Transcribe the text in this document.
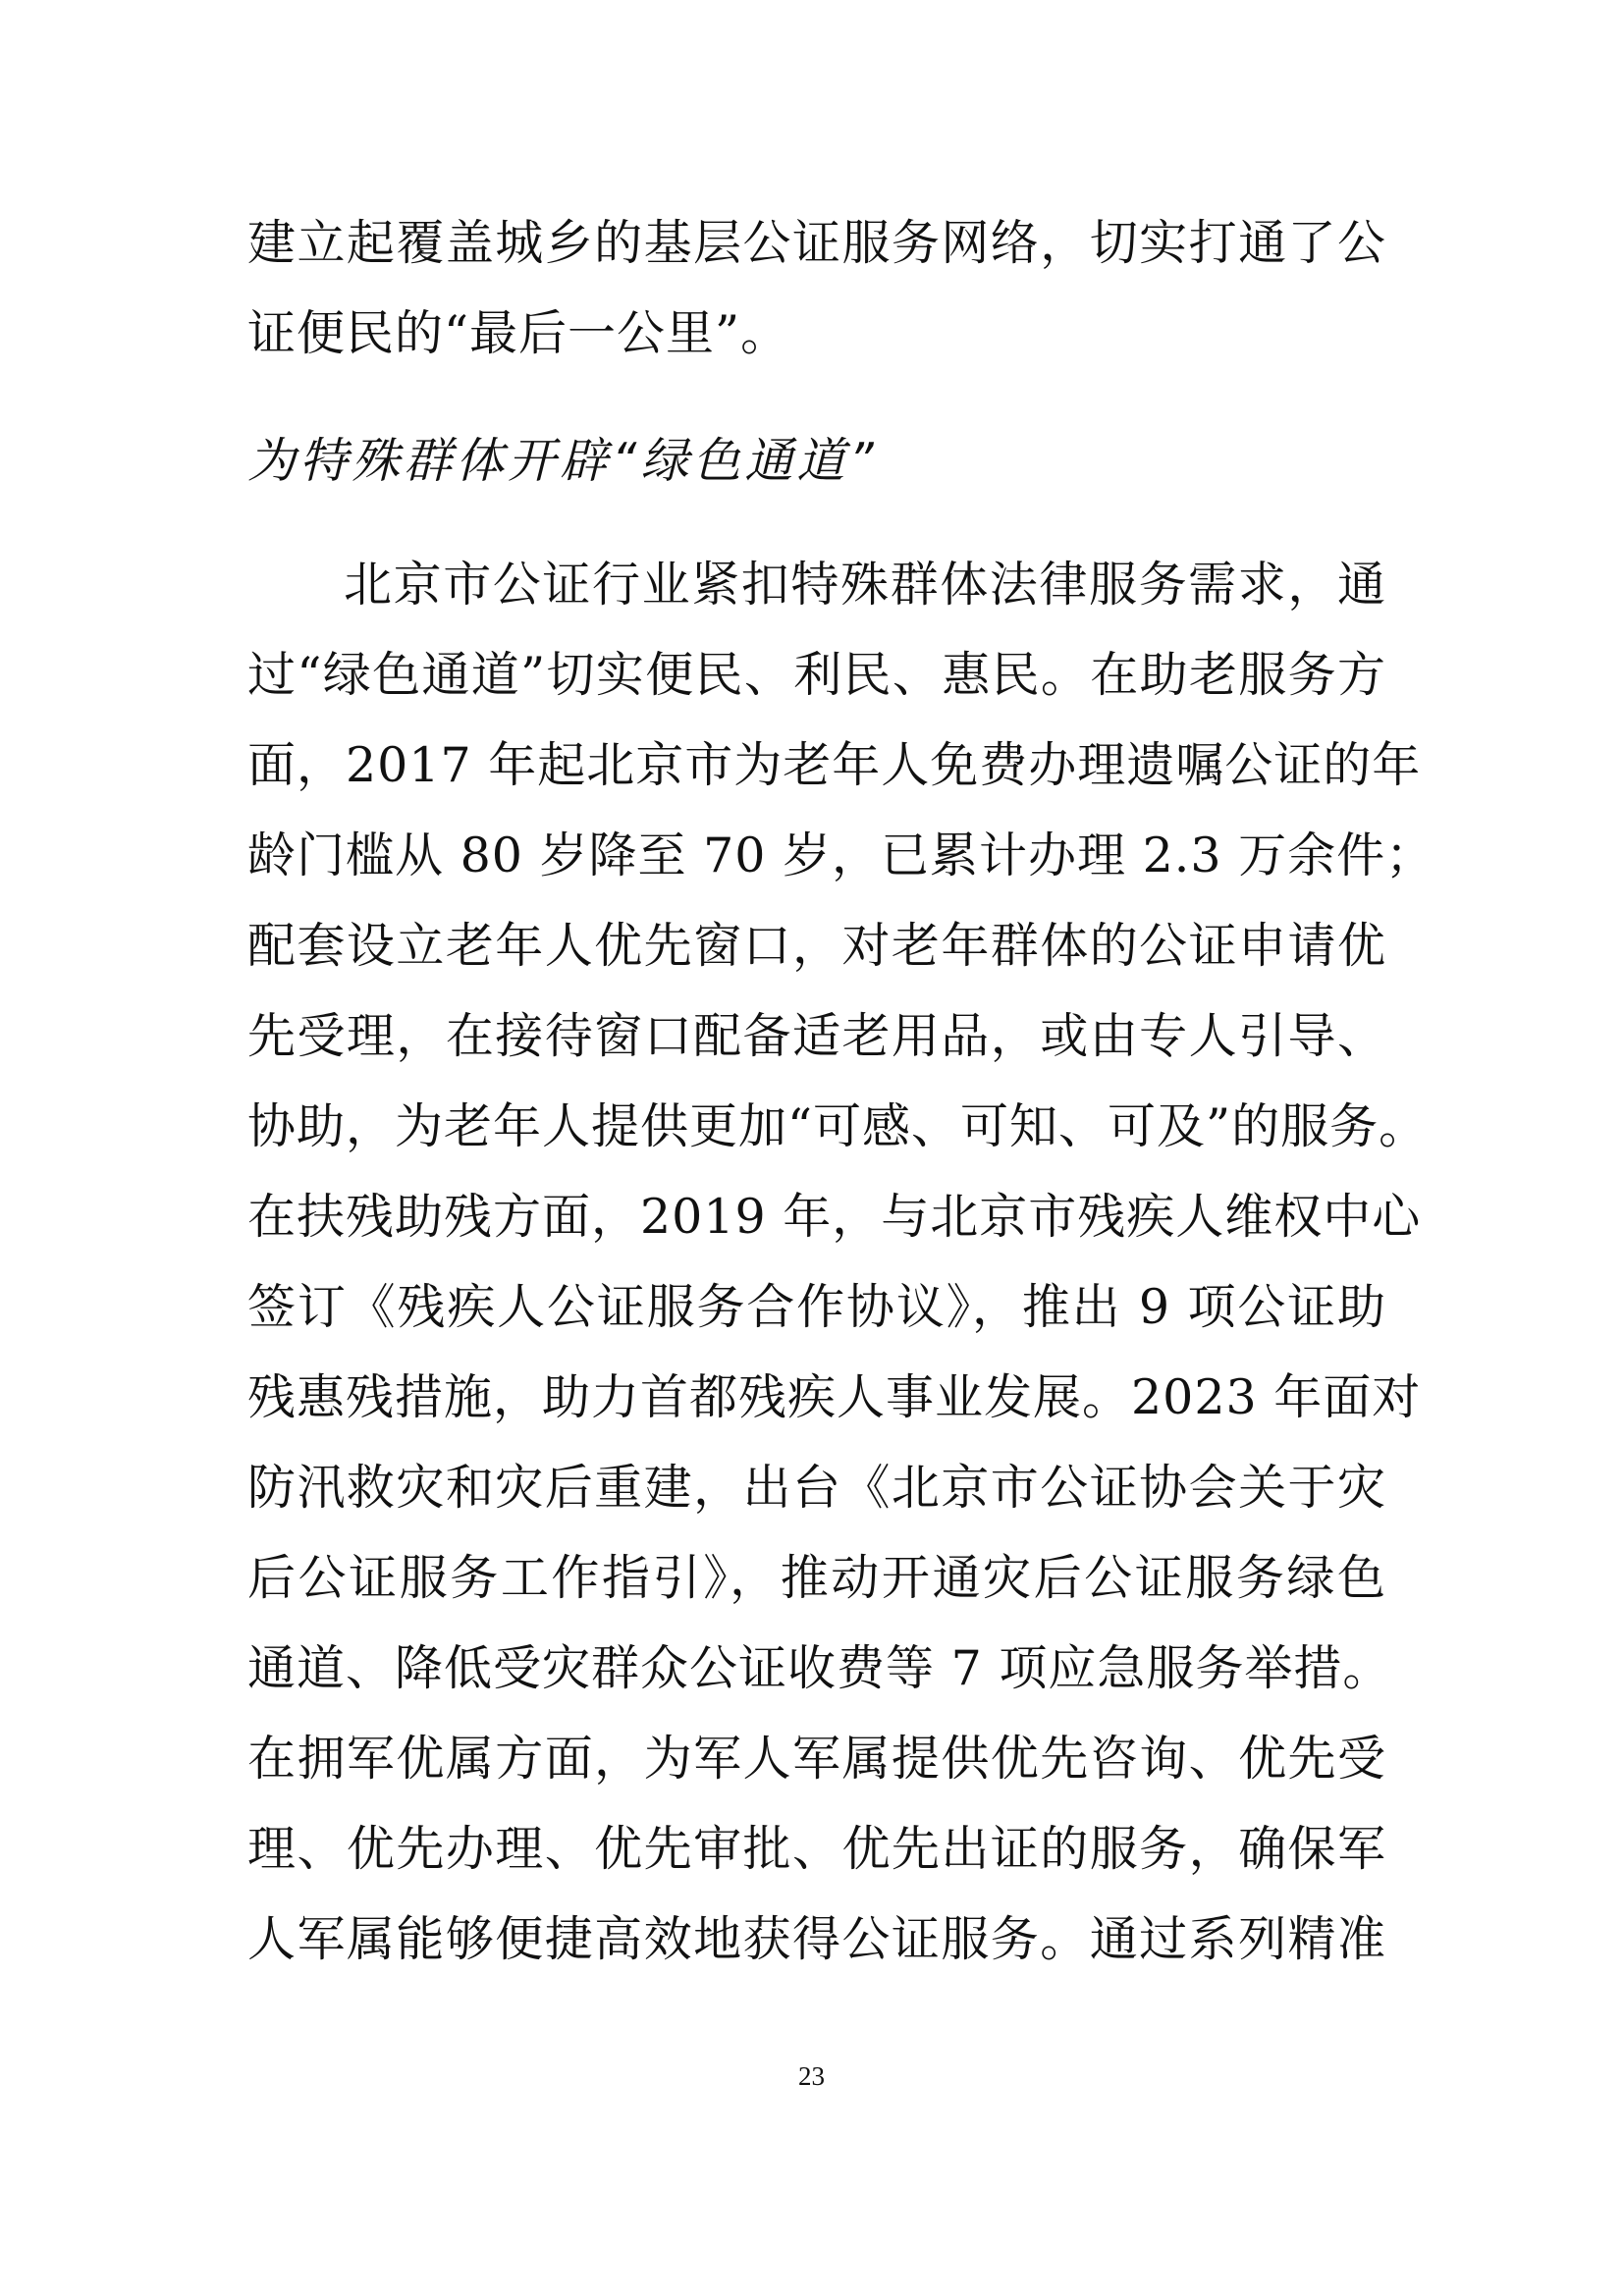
建立起覆盖城乡的基层公证服务网络，切实打通了公
证便民的“最后一公里”。
为特殊群体开辟“绿色通道”
北京市公证行业紧扣特殊群体法律服务需求，通
过“绿色通道”切实便民、利民、惠民。在助老服务方
面，2017 年起北京市为老年人免费办理遗嘱公证的年
龄门槛从 80 岁降至 70 岁，已累计办理 2.3 万余件；
配套设立老年人优先窗口，对老年群体的公证申请优
先受理，在接待窗口配备适老用品，或由专人引导、
协助，为老年人提供更加“可感、可知、可及”的服务。
在扶残助残方面，2019 年，与北京市残疾人维权中心
签订《残疾人公证服务合作协议》，推出 9 项公证助
残惠残措施，助力首都残疾人事业发展。2023 年面对
防汛救灾和灾后重建，出台《北京市公证协会关于灾
后公证服务工作指引》，推动开通灾后公证服务绿色
通道、降低受灾群众公证收费等 7 项应急服务举措。
在拥军优属方面，为军人军属提供优先咨询、优先受
理、优先办理、优先审批、优先出证的服务，确保军
人军属能够便捷高效地获得公证服务。通过系列精准
23
